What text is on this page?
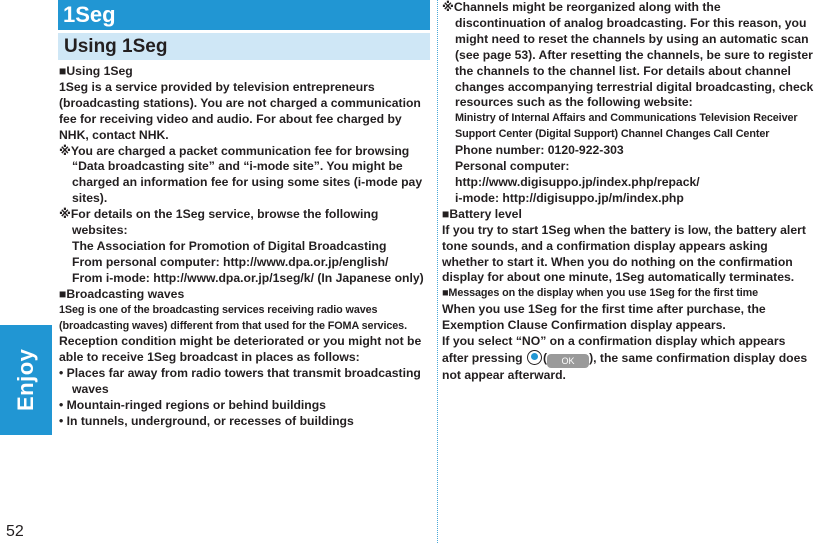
Enjoy
52
1Seg
Using 1Seg

■Using 1Seg

1Seg is a service provided by television entrepreneurs (broadcasting stations). You are not charged a communication fee for receiving video and audio. For about fee charged by NHK, contact NHK.

※You are charged a packet communication fee for browsing “Data broadcasting site” and “i-mode site”. You might be charged an information fee for using some sites (i-mode pay sites).

※For details on the 1Seg service, browse the following websites:

The Association for Promotion of Digital Broadcasting

From personal computer: http://www.dpa.or.jp/english/

From i-mode: http://www.dpa.or.jp/1seg/k/ (In Japanese only)

■Broadcasting waves

1Seg is one of the broadcasting services receiving radio waves (broadcasting waves) different from that used for the FOMA services.

Reception condition might be deteriorated or you might not be able to receive 1Seg broadcast in places as follows:

• Places far away from radio towers that transmit broadcasting waves

• Mountain-ringed regions or behind buildings

• In tunnels, underground, or recesses of buildings

※Channels might be reorganized along with the discontinuation of analog broadcasting. For this reason, you might need to reset the channels by using an automatic scan (see page 53). After resetting the channels, be sure to register the channels to the channel list. For details about channel changes accompanying terrestrial digital broadcasting, check resources such as the following website:

Ministry of Internal Affairs and Communications Television Receiver Support Center (Digital Support) Channel Changes Call Center

Phone number: 0120-922-303

Personal computer: http://www.digisuppo.jp/index.php/repack/

i-mode: http://digisuppo.jp/m/index.php

■Battery level

If you try to start 1Seg when the battery is low, the battery alert tone sounds, and a confirmation display appears asking whether to start it. When you do nothing on the confirmation display for about one minute, 1Seg automatically terminates.

■Messages on the display when you use 1Seg for the first time

When you use 1Seg for the first time after purchase, the Exemption Clause Confirmation display appears.

If you select “NO” on a confirmation display which appears after pressing ( OK ), the same confirmation display does not appear afterward.
